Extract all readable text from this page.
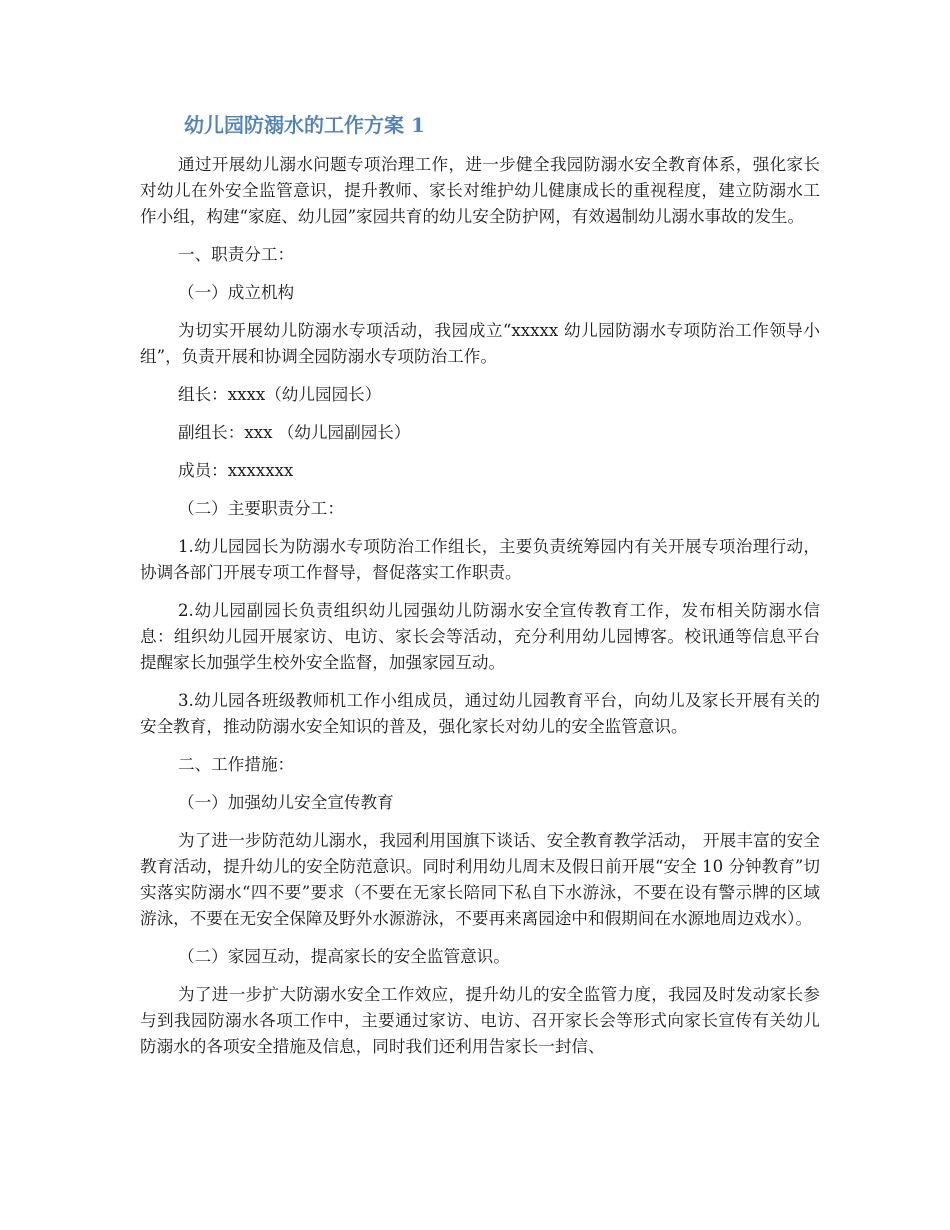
幼儿园防溺水的工作方案 1

通过开展幼儿溺水问题专项治理工作，进一步健全我园防溺水安全教育体系，强化家长对幼儿在外安全监管意识，提升教师、家长对维护幼儿健康成长的重视程度，建立防溺水工作小组，构建“家庭、幼儿园”家园共育的幼儿安全防护网，有效遏制幼儿溺水事故的发生。

一、职责分工：

（一）成立机构

为切实开展幼儿防溺水专项活动，我园成立“xxxxx 幼儿园防溺水专项防治工作领导小组”，负责开展和协调全园防溺水专项防治工作。

组长：xxxx（幼儿园园长）

副组长：xxx （幼儿园副园长）

成员：xxxxxxx

（二）主要职责分工：

1.幼儿园园长为防溺水专项防治工作组长，主要负责统筹园内有关开展专项治理行动，协调各部门开展专项工作督导，督促落实工作职责。

2.幼儿园副园长负责组织幼儿园强幼儿防溺水安全宣传教育工作，发布相关防溺水信息：组织幼儿园开展家访、电访、家长会等活动，充分利用幼儿园博客。校讯通等信息平台提醒家长加强学生校外安全监督，加强家园互动。

3.幼儿园各班级教师机工作小组成员，通过幼儿园教育平台，向幼儿及家长开展有关的安全教育，推动防溺水安全知识的普及，强化家长对幼儿的安全监管意识。

二、工作措施：

（一）加强幼儿安全宣传教育

为了进一步防范幼儿溺水，我园利用国旗下谈话、安全教育教学活动， 开展丰富的安全教育活动，提升幼儿的安全防范意识。同时利用幼儿周末及假日前开展“安全 10 分钟教育”切实落实防溺水“四不要”要求（不要在无家长陪同下私自下水游泳，不要在设有警示牌的区域游泳，不要在无安全保障及野外水源游泳，不要再来离园途中和假期间在水源地周边戏水）。

（二）家园互动，提高家长的安全监管意识。

为了进一步扩大防溺水安全工作效应，提升幼儿的安全监管力度，我园及时发动家长参与到我园防溺水各项工作中，主要通过家访、电访、召开家长会等形式向家长宣传有关幼儿防溺水的各项安全措施及信息，同时我们还利用告家长一封信、
